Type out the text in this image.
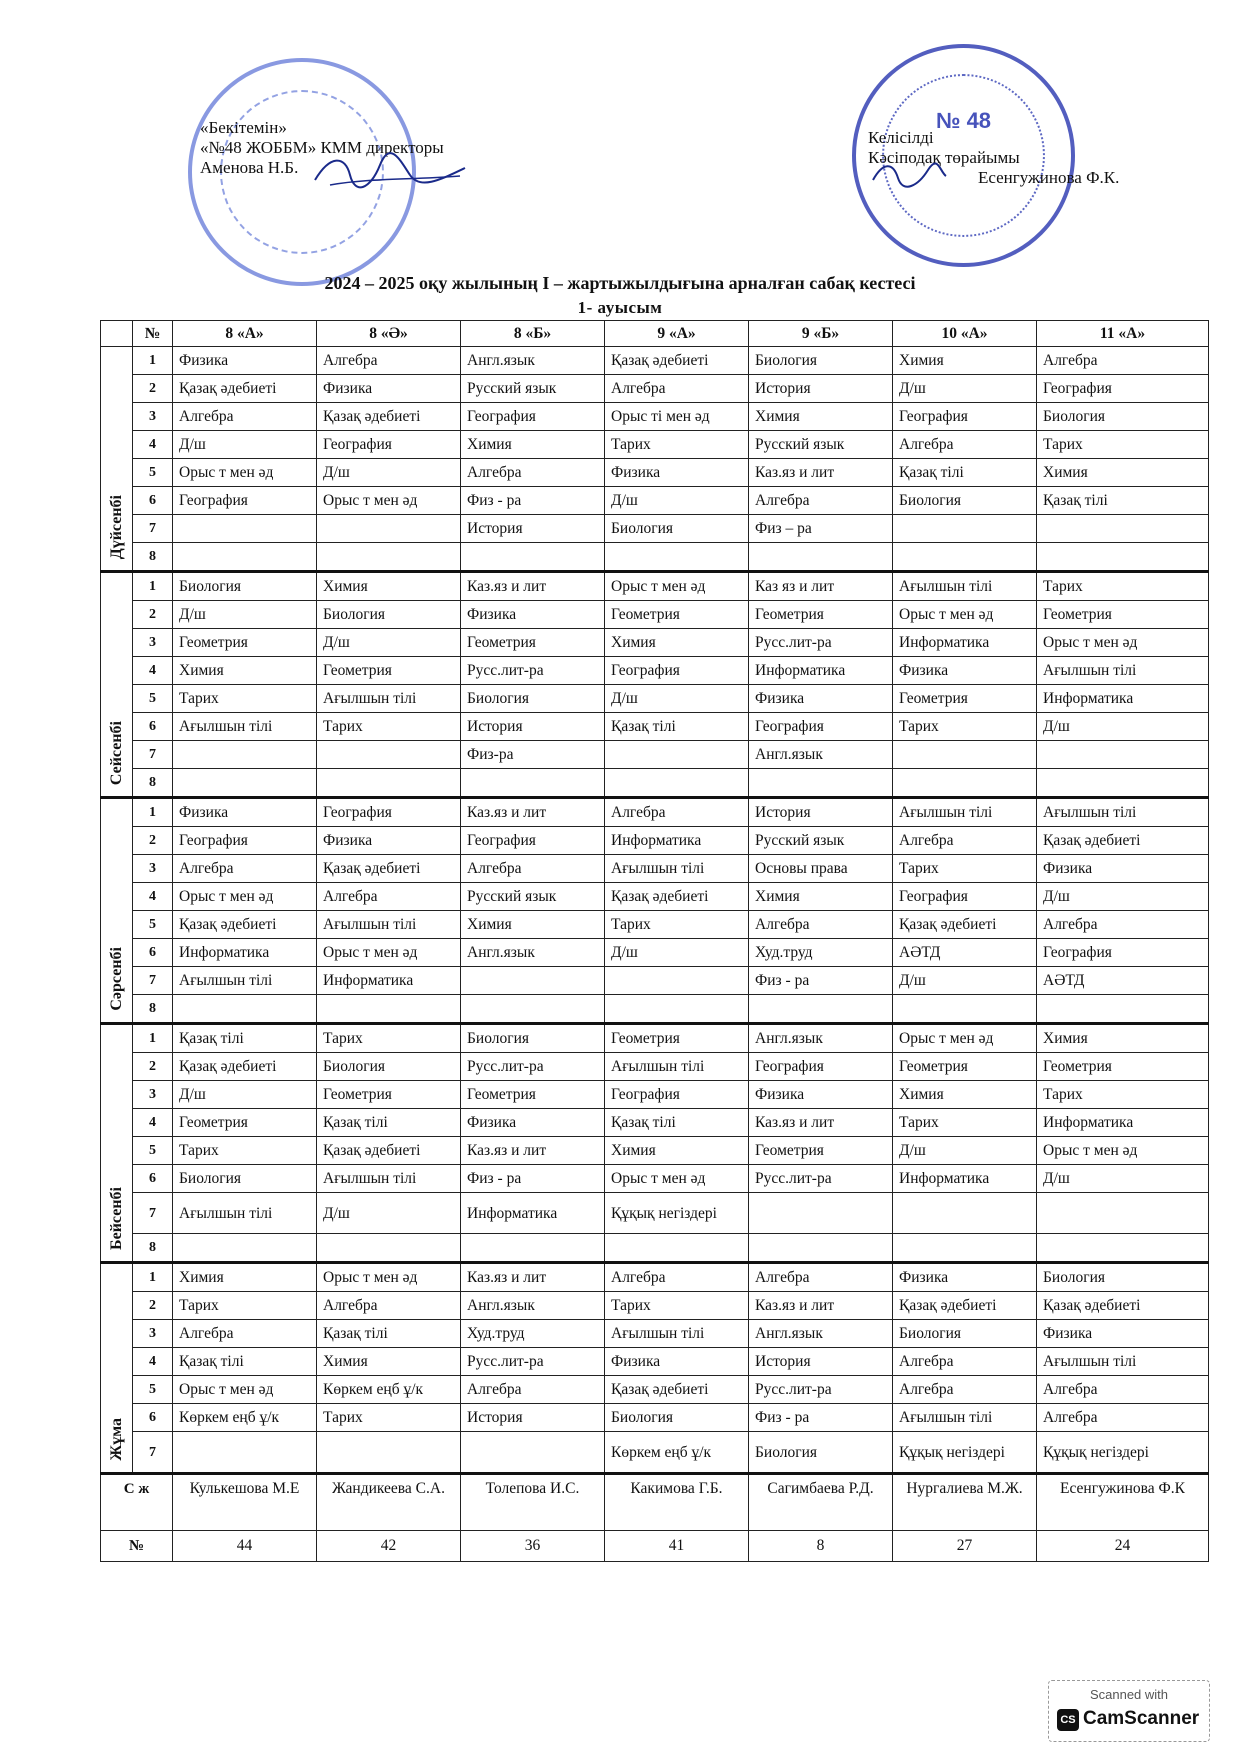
№ 48
«Бекітемін»
«№48 ЖОББМ» КММ директоры
Аменова Н.Б.
Келісілді
Кәсіподақ төрайымы
Есенгужинова Ф.К.
2024 – 2025 оқу жылының І – жартыжылдығына арналған сабақ кестесі
1- ауысым
	№	8 «А»	8 «Ә»	8 «Б»	9 «А»	9 «Б»	10 «А»	11 «А»
Дүйсенбі	1	Физика	Алгебра	Англ.язык	Қазақ әдебиеті	Биология	Химия	Алгебра
	2	Қазақ әдебиеті	Физика	Русский язык	Алгебра	История	Д/ш	География
	3	Алгебра	Қазақ әдебиеті	География	Орыс ті мен әд	Химия	География	Биология
	4	Д/ш	География	Химия	Тарих	Русский язык	Алгебра	Тарих
	5	Орыс т мен әд	Д/ш	Алгебра	Физика	Каз.яз и лит	Қазақ тілі	Химия
	6	География	Орыс т мен әд	Физ - ра	Д/ш	Алгебра	Биология	Қазақ тілі
	7			История	Биология	Физ – ра		
	8							
Сейсенбі	1	Биология	Химия	Каз.яз и лит	Орыс т мен әд	Каз яз и лит	Ағылшын тілі	Тарих
	2	Д/ш	Биология	Физика	Геометрия	Геометрия	Орыс т мен әд	Геометрия
	3	Геометрия	Д/ш	Геометрия	Химия	Русс.лит-ра	Информатика	Орыс т мен әд
	4	Химия	Геометрия	Русс.лит-ра	География	Информатика	Физика	Ағылшын тілі
	5	Тарих	Ағылшын тілі	Биология	Д/ш	Физика	Геометрия	Информатика
	6	Ағылшын тілі	Тарих	История	Қазақ тілі	География	Тарих	Д/ш
	7			Физ-ра		Англ.язык		
	8							
Сәрсенбі	1	Физика	География	Каз.яз и лит	Алгебра	История	Ағылшын тілі	Ағылшын тілі
	2	География	Физика	География	Информатика	Русский язык	Алгебра	Қазақ әдебиеті
	3	Алгебра	Қазақ әдебиеті	Алгебра	Ағылшын тілі	Основы права	Тарих	Физика
	4	Орыс т мен әд	Алгебра	Русский язык	Қазақ әдебиеті	Химия	География	Д/ш
	5	Қазақ әдебиеті	Ағылшын тілі	Химия	Тарих	Алгебра	Қазақ әдебиеті	Алгебра
	6	Информатика	Орыс т мен әд	Англ.язык	Д/ш	Худ.труд	АӘТД	География
	7	Ағылшын тілі	Информатика			Физ - ра	Д/ш	АӘТД
	8							
Бейсенбі	1	Қазақ тілі	Тарих	Биология	Геометрия	Англ.язык	Орыс т мен әд	Химия
	2	Қазақ әдебиеті	Биология	Русс.лит-ра	Ағылшын тілі	География	Геометрия	Геометрия
	3	Д/ш	Геометрия	Геометрия	География	Физика	Химия	Тарих
	4	Геометрия	Қазақ тілі	Физика	Қазақ тілі	Каз.яз и лит	Тарих	Информатика
	5	Тарих	Қазақ әдебиеті	Каз.яз и лит	Химия	Геометрия	Д/ш	Орыс т мен әд
	6	Биология	Ағылшын тілі	Физ - ра	Орыс т мен әд	Русс.лит-ра	Информатика	Д/ш
	7	Ағылшын тілі	Д/ш	Информатика	Құқық негіздері			
	8							
Жұма	1	Химия	Орыс т мен әд	Каз.яз и лит	Алгебра	Алгебра	Физика	Биология
	2	Тарих	Алгебра	Англ.язык	Тарих	Каз.яз и лит	Қазақ әдебиеті	Қазақ әдебиеті
	3	Алгебра	Қазақ тілі	Худ.труд	Ағылшын тілі	Англ.язык	Биология	Физика
	4	Қазақ тілі	Химия	Русс.лит-ра	Физика	История	Алгебра	Ағылшын тілі
	5	Орыс т мен әд	Көркем еңб ұ/к	Алгебра	Қазақ әдебиеті	Русс.лит-ра	Алгебра	Алгебра
	6	Көркем еңб ұ/к	Тарих	История	Биология	Физ - ра	Ағылшын тілі	Алгебра
	7				Көркем еңб ұ/к	Биология	Құқық негіздері	Құқық негіздері
С ж		Кулькешова М.Е	Жандикеева С.А.	Толепова И.С.	Какимова Г.Б.	Сагимбаева Р.Д.	Нургалиева М.Ж.	Есенгужинова Ф.К
№		44	42	36	41	8	27	24
Scanned with
CS CamScanner
